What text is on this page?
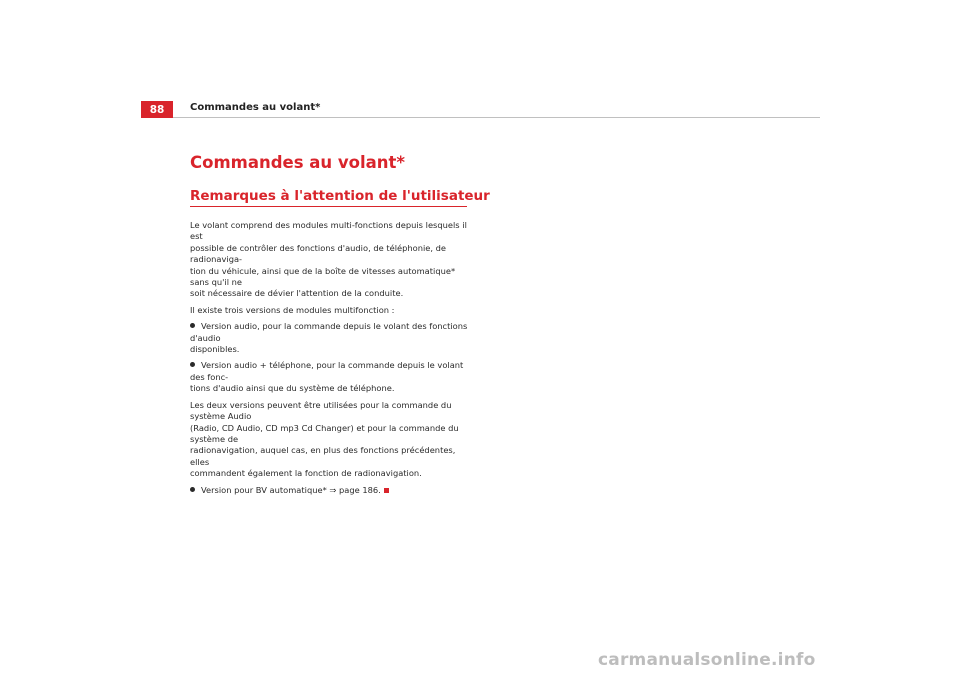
88	Commandes au volant*
Commandes au volant*
Remarques à l'attention de l'utilisateur

Le volant comprend des modules multi-fonctions depuis lesquels il est
possible de contrôler des fonctions d'audio, de téléphonie, de radionaviga-
tion du véhicule, ainsi que de la boîte de vitesses automatique* sans qu'il ne
soit nécessaire de dévier l'attention de la conduite.

Il existe trois versions de modules multifonction :

Version audio, pour la commande depuis le volant des fonctions d'audio
disponibles.
Version audio + téléphone, pour la commande depuis le volant des fonc-
tions d'audio ainsi que du système de téléphone.

Les deux versions peuvent être utilisées pour la commande du système Audio
(Radio, CD Audio, CD mp3 Cd Changer) et pour la commande du système de
radionavigation, auquel cas, en plus des fonctions précédentes, elles
commandent également la fonction de radionavigation.

Version pour BV automatique* ⇒ page 186.
carmanualsonline.info
